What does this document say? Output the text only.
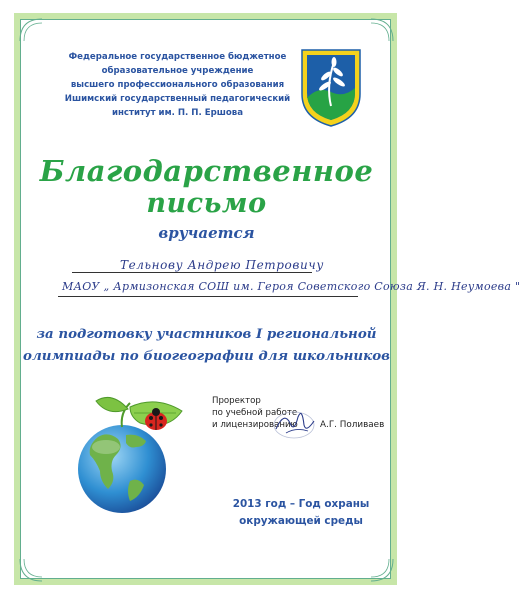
Федеральное государственное бюджетное
образовательное учреждение
высшего профессионального образования
Ишимский государственный педагогический
институт им. П. П. Ершова
Благодарственное
письмо
вручается
Тельнову Андрею Петровичу
МАОУ „ Армизонская СОШ им. Героя Советского Союза Я. Н. Неумоева "
за подготовку участников I региональной
олимпиады по биогеографии для школьников
Проректор
по учебной работе
и лицензированию	А.Г. Поливаев
2013 год – Год охраны
окружающей среды
